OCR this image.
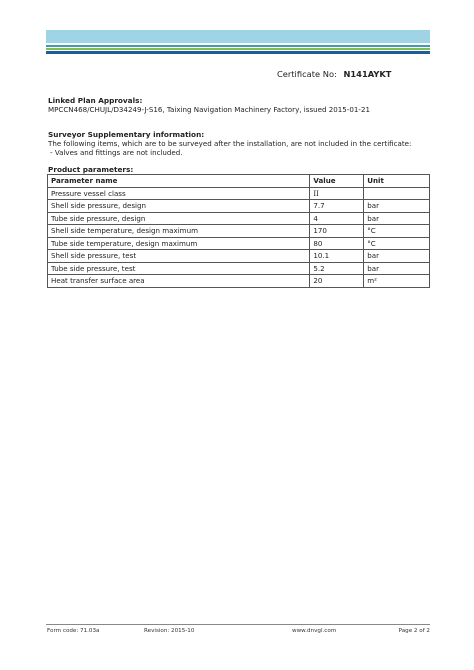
Certificate No: N141AYKT
Linked Plan Approvals:
MPCCN468/CHUJL/D34249-J-S16, Taixing Navigation Machinery Factory, issued 2015-01-21
Surveyor Supplementary information:
The following items, which are to be surveyed after the installation, are not included in the certificate:
- Valves and fittings are not included.
Product parameters:
Parameter name	Value	Unit
Pressure vessel class	II	
Shell side pressure, design	7.7	bar
Tube side pressure, design	4	bar
Shell side temperature, design maximum	170	°C
Tube side temperature, design maximum	80	°C
Shell side pressure, test	10.1	bar
Tube side pressure, test	5.2	bar
Heat transfer surface area	20	m²
Form code: 71.03a	Revision: 2015-10	www.dnvgl.com	Page 2 of 2
